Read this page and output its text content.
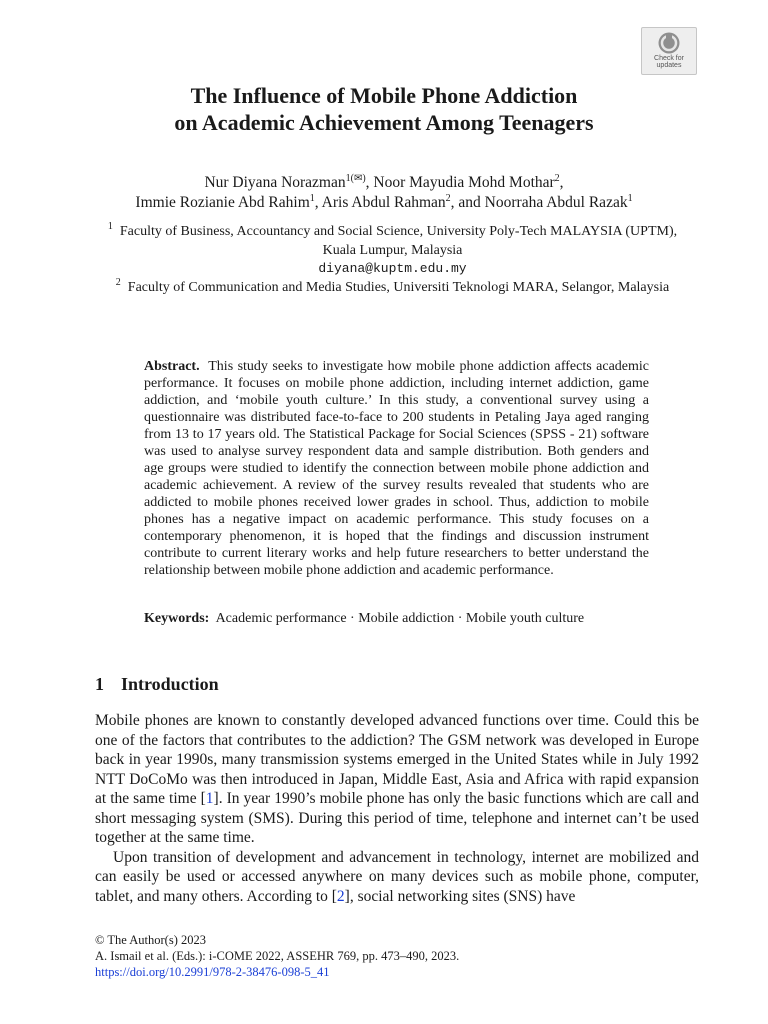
Check for
updates
The Influence of Mobile Phone Addiction
on Academic Achievement Among Teenagers
Nur Diyana Norazman$^{1(✉)}$, Noor Mayudia Mohd Mothar$^2$,
Immie Rozianie Abd Rahim$^1$, Aris Abdul Rahman$^2$, and Noorraha Abdul Razak$^1$
$^1$ Faculty of Business, Accountancy and Social Science, University Poly-Tech MALAYSIA (UPTM), Kuala Lumpur, Malaysia
diyana@kuptm.edu.my
$^2$ Faculty of Communication and Media Studies, Universiti Teknologi MARA, Selangor, Malaysia
Abstract. This study seeks to investigate how mobile phone addiction affects academic performance. It focuses on mobile phone addiction, including internet addiction, game addiction, and ‘mobile youth culture.’ In this study, a conventional survey using a questionnaire was distributed face-to-face to 200 students in Petaling Jaya aged ranging from 13 to 17 years old. The Statistical Package for Social Sciences (SPSS - 21) software was used to analyse survey respondent data and sample distribution. Both genders and age groups were studied to identify the connection between mobile phone addiction and academic achievement. A review of the survey results revealed that students who are addicted to mobile phones received lower grades in school. Thus, addiction to mobile phones has a negative impact on academic performance. This study focuses on a contemporary phenomenon, it is hoped that the findings and discussion instrument contribute to current literary works and help future researchers to better understand the relationship between mobile phone addiction and academic performance.
Keywords: Academic performance · Mobile addiction · Mobile youth culture
1 Introduction

Mobile phones are known to constantly developed advanced functions over time. Could this be one of the factors that contributes to the addiction? The GSM network was developed in Europe back in year 1990s, many transmission systems emerged in the United States while in July 1992 NTT DoCoMo was then introduced in Japan, Middle East, Asia and Africa with rapid expansion at the same time [1]. In year 1990’s mobile phone has only the basic functions which are call and short messaging system (SMS). During this period of time, telephone and internet can’t be used together at the same time.

Upon transition of development and advancement in technology, internet are mobilized and can easily be used or accessed anywhere on many devices such as mobile phone, computer, tablet, and many others. According to [2], social networking sites (SNS) have

© The Author(s) 2023
A. Ismail et al. (Eds.): i-COME 2022, ASSEHR 769, pp. 473–490, 2023.
https://doi.org/10.2991/978-2-38476-098-5_41
